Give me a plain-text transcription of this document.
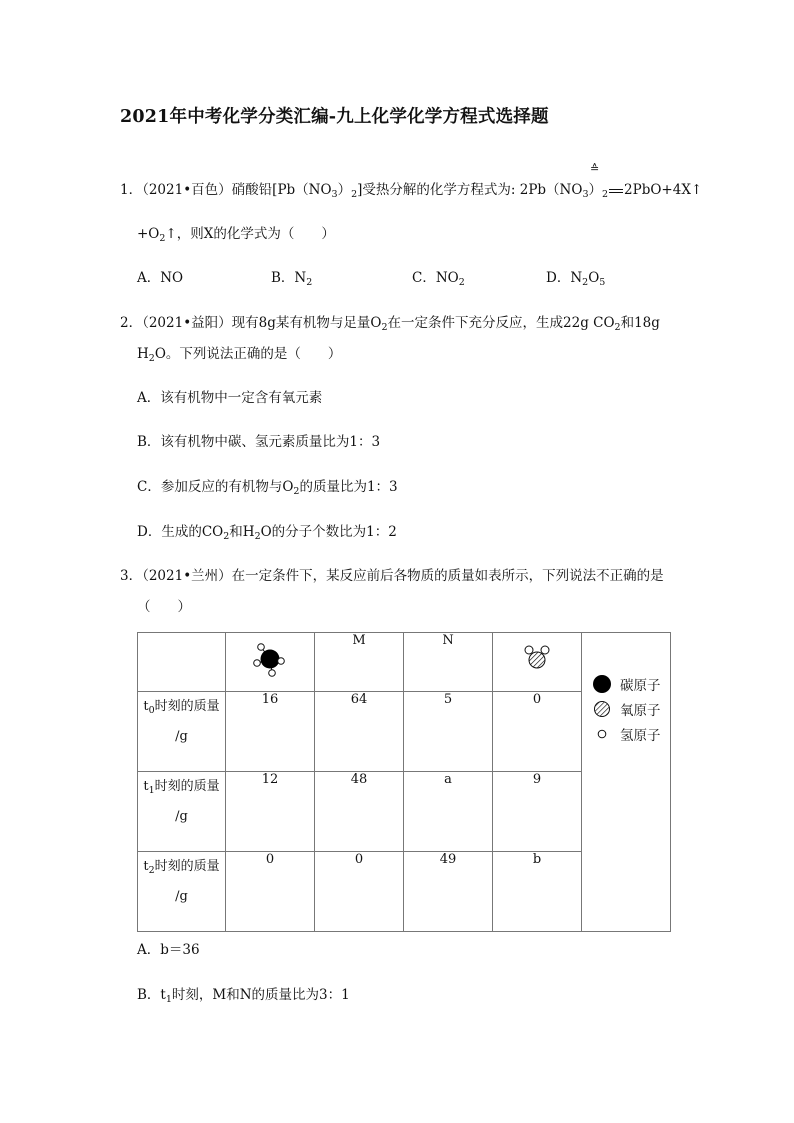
2021年中考化学分类汇编-九上化学化学方程式选择题
≙
1．（2021•百色）硝酸铅$[Pb(NO_3)_2]$受热分解的化学方程式为: $2Pb(NO_3)_2$ 2PbO+4X↑
$+O_2↑$，则X的化学式为（　　）
A．NO	B．$N_2$	C．$NO_2$	D．$N_2O_5$
2．（2021•益阳）现有8g某有机物与足量$O_2$在一定条件下充分反应，生成22g $CO_2$和18g
$H_2O$。下列说法正确的是（　　）
A．该有机物中一定含有氧元素
B．该有机物中碳、氢元素质量比为1：3
C．参加反应的有机物与$O_2$的质量比为1：3
D．生成的$CO_2$和$H_2O$的分子个数比为1：2
3．（2021•兰州）在一定条件下，某反应前后各物质的质量如表所示，下列说法不正确的是
（　　）
		M	N		碳原子
氧原子
氢原子

$t_0$时刻的质量
/g	16	64	5	0	
$t_1$时刻的质量
/g	12	48	a	9	
$t_2$时刻的质量
/g	0	0	49	b	
A．b＝36
B．$t_1$时刻，M和N的质量比为3：1
